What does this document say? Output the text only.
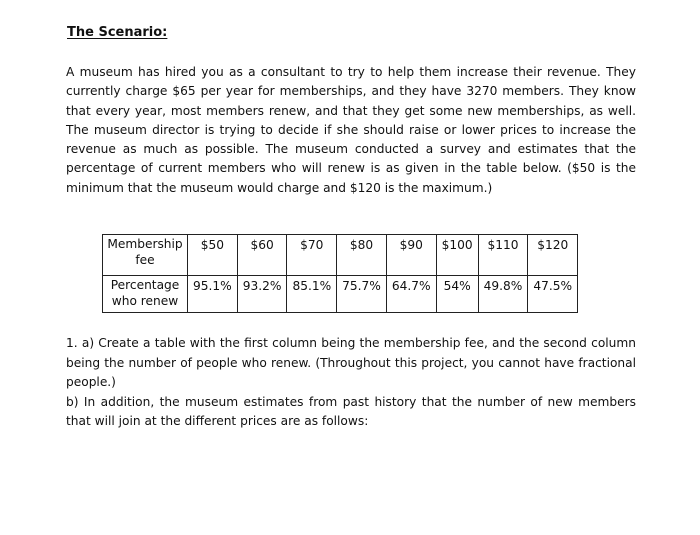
The Scenario:

A museum has hired you as a consultant to try to help them increase their revenue. They currently charge $65 per year for memberships, and they have 3270 members. They know that every year, most members renew, and that they get some new memberships, as well. The museum director is trying to decide if she should raise or lower prices to increase the revenue as much as possible. The museum conducted a survey and estimates that the percentage of current members who will renew is as given in the table below. ($50 is the minimum that the museum would charge and $120 is the maximum.)

Membership fee	$50	$60	$70	$80	$90	$100	$110	$120
Percentage who renew	95.1%	93.2%	85.1%	75.7%	64.7%	54%	49.8%	47.5%
1. a) Create a table with the first column being the membership fee, and the second column being the number of people who renew. (Throughout this project, you cannot have fractional people.)
b) In addition, the museum estimates from past history that the number of new members that will join at the different prices are as follows:
